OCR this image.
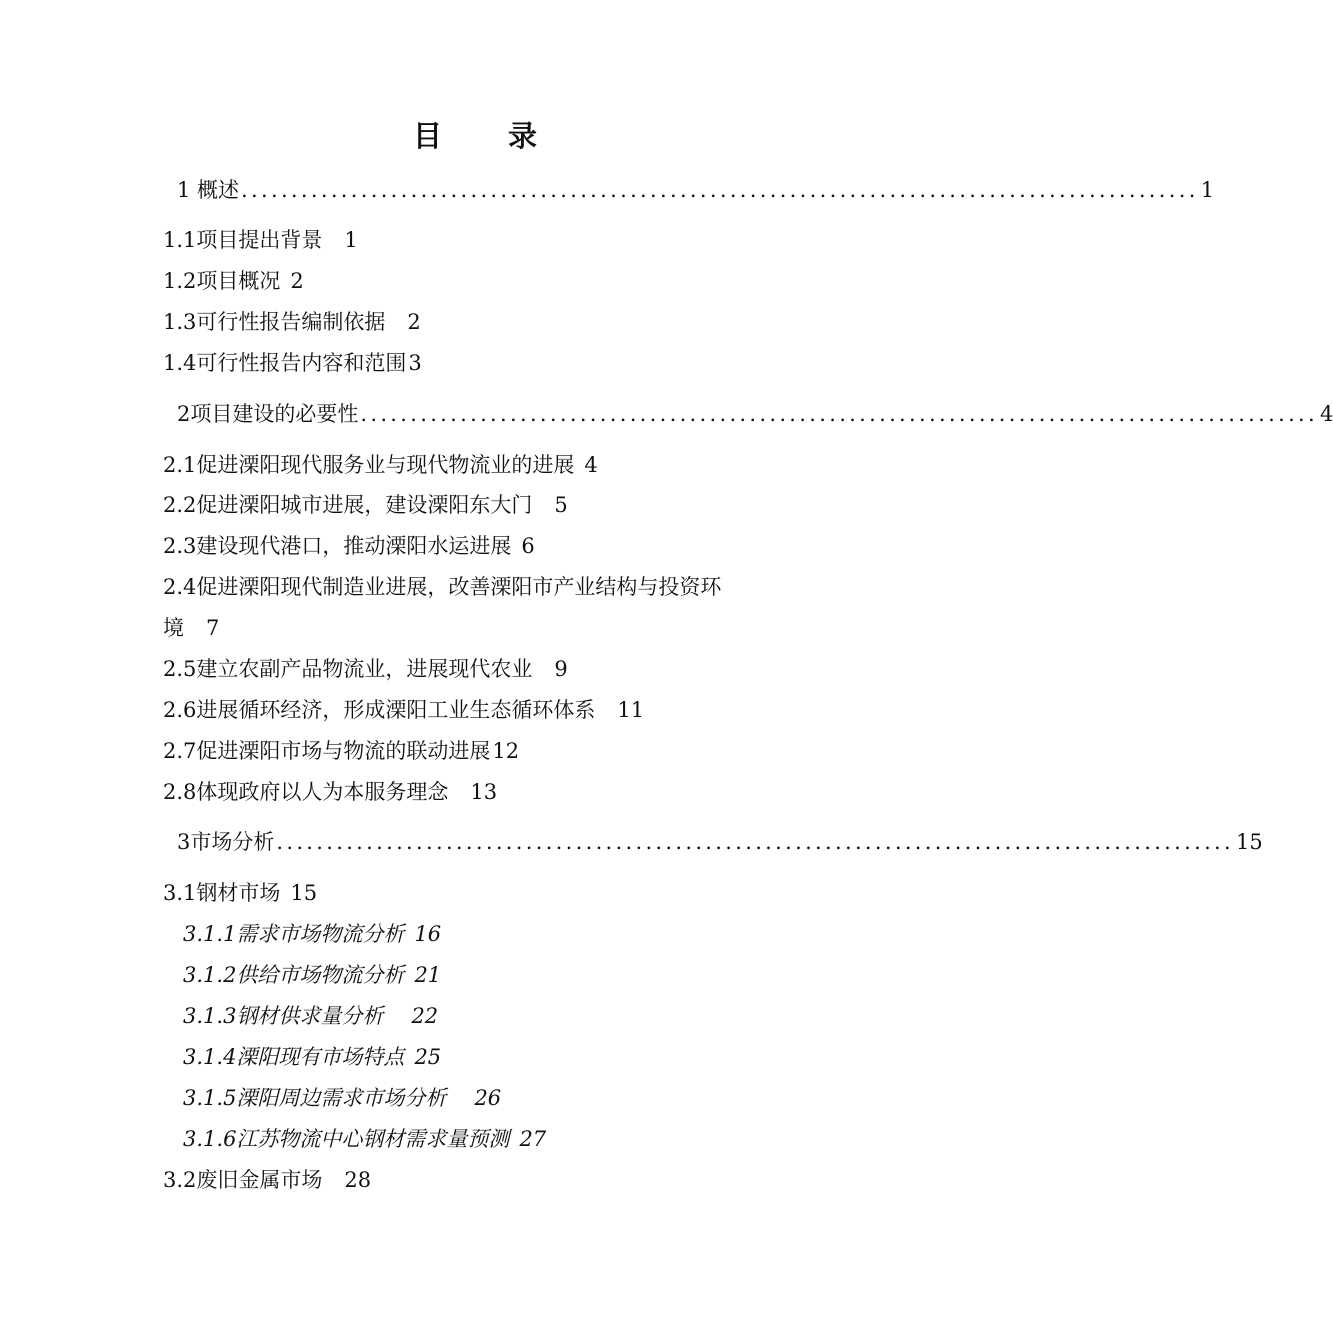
目 录
1 概述 ................................................................................................ 1
1.1项目提出背景 1
1.2项目概况 2
1.3可行性报告编制依据 2
1.4可行性报告内容和范围3
2项目建设的必要性 ................................................................................................ 4
2.1促进溧阳现代服务业与现代物流业的进展 4
2.2促进溧阳城市进展，建设溧阳东大门 5
2.3建设现代港口，推动溧阳水运进展 6
2.4促进溧阳现代制造业进展，改善溧阳市产业结构与投资环
境 7
2.5建立农副产品物流业，进展现代农业 9
2.6进展循环经济，形成溧阳工业生态循环体系 11
2.7促进溧阳市场与物流的联动进展12
2.8体现政府以人为本服务理念 13
3市场分析 ................................................................................................ 15
3.1钢材市场 15
3.1.1需求市场物流分析 16
3.1.2供给市场物流分析 21
3.1.3钢材供求量分析 22
3.1.4溧阳现有市场特点 25
3.1.5溧阳周边需求市场分析 26
3.1.6江苏物流中心钢材需求量预测 27
3.2废旧金属市场 28
